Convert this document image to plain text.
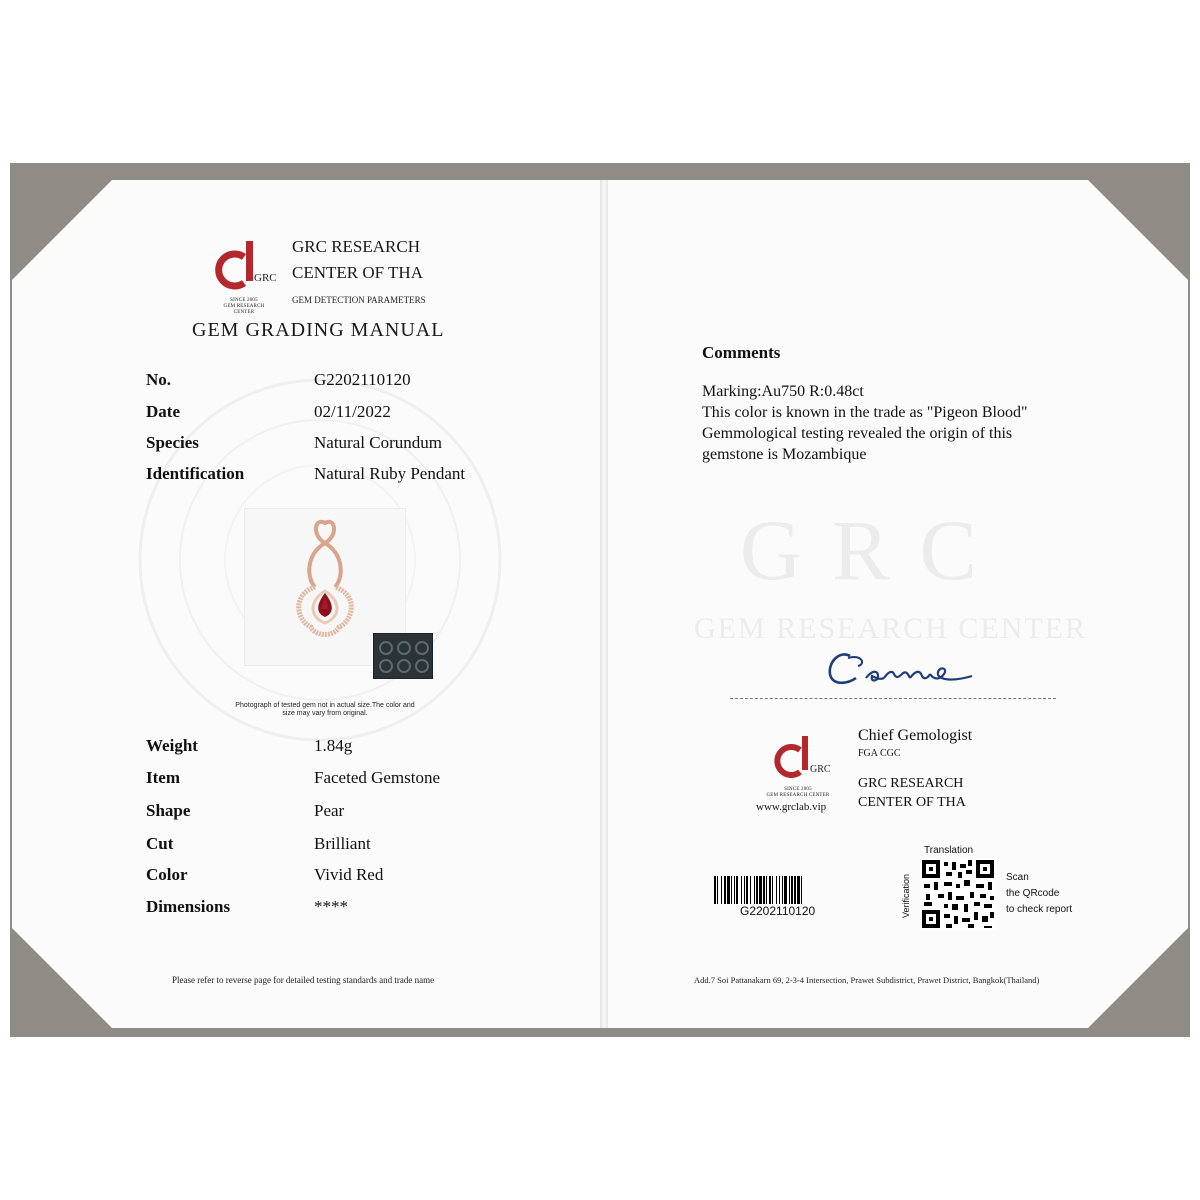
GRC
SINCE 2005
GEM RESEARCH CENTER
GRC RESEARCH
CENTER OF THA
GEM DETECTION PARAMETERS
GEM GRADING MANUAL
No.	G2202110120
Date	02/11/2022
Species	Natural Corundum
Identification	Natural Ruby Pendant
Photograph of tested gem not in actual size.The color and
size may vary from original.
Weight	1.84g
Item	Faceted Gemstone
Shape	Pear
Cut	Brilliant
Color	Vivid Red
Dimensions	****
Please refer to reverse page for detailed testing standards and trade name
GRC
GEM RESEARCH CENTER
Comments
Marking:Au750 R:0.48ct
This color is known in the trade as "Pigeon Blood"
Gemmological testing revealed the origin of this
gemstone is Mozambique
GRC
SINCE 2005
GEM RESEARCH CENTER
www.grclab.vip
Chief Gemologist
FGA CGC
GRC RESEARCH
CENTER OF THA
G2202110120
Translation
Verification	Scan
the QRcode
to check report
Add.7 Soi Pattanakarn 69, 2-3-4 Intersection, Prawet Subdistrict, Prawet District, Bangkok(Thailand)
